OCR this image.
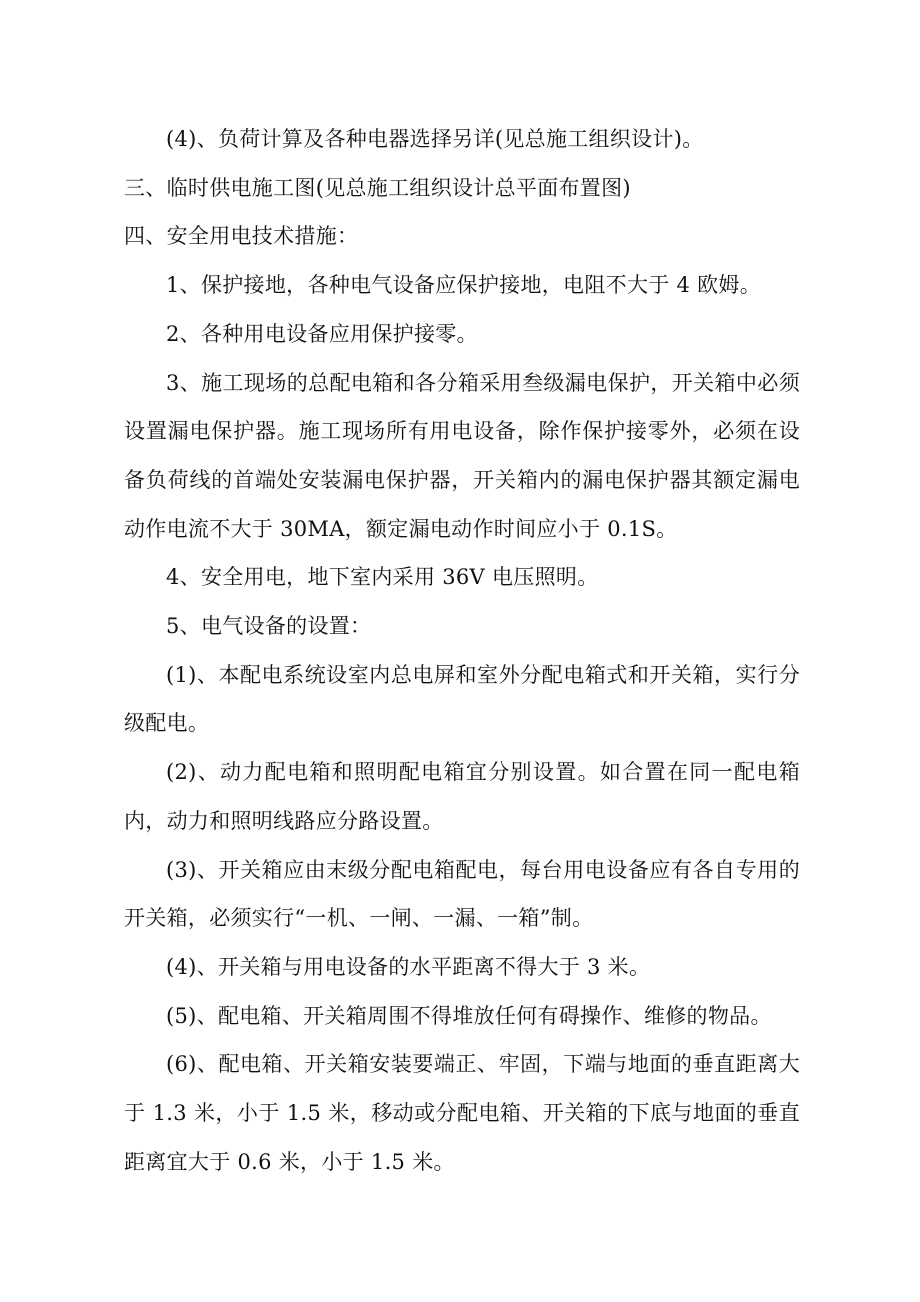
(4)、负荷计算及各种电器选择另详(见总施工组织设计)。

三、临时供电施工图(见总施工组织设计总平面布置图)

四、安全用电技术措施：

1、保护接地，各种电气设备应保护接地，电阻不大于 4 欧姆。

2、各种用电设备应用保护接零。

3、施工现场的总配电箱和各分箱采用叁级漏电保护，开关箱中必须设置漏电保护器。施工现场所有用电设备，除作保护接零外，必须在设备负荷线的首端处安装漏电保护器，开关箱内的漏电保护器其额定漏电动作电流不大于 30MA，额定漏电动作时间应小于 0.1S。

4、安全用电，地下室内采用 36V 电压照明。

5、电气设备的设置：

(1)、本配电系统设室内总电屏和室外分配电箱式和开关箱，实行分级配电。

(2)、动力配电箱和照明配电箱宜分别设置。如合置在同一配电箱内，动力和照明线路应分路设置。

(3)、开关箱应由末级分配电箱配电，每台用电设备应有各自专用的开关箱，必须实行“一机、一闸、一漏、一箱”制。

(4)、开关箱与用电设备的水平距离不得大于 3 米。

(5)、配电箱、开关箱周围不得堆放任何有碍操作、维修的物品。

(6)、配电箱、开关箱安装要端正、牢固，下端与地面的垂直距离大于 1.3 米，小于 1.5 米，移动或分配电箱、开关箱的下底与地面的垂直距离宜大于 0.6 米，小于 1.5 米。
